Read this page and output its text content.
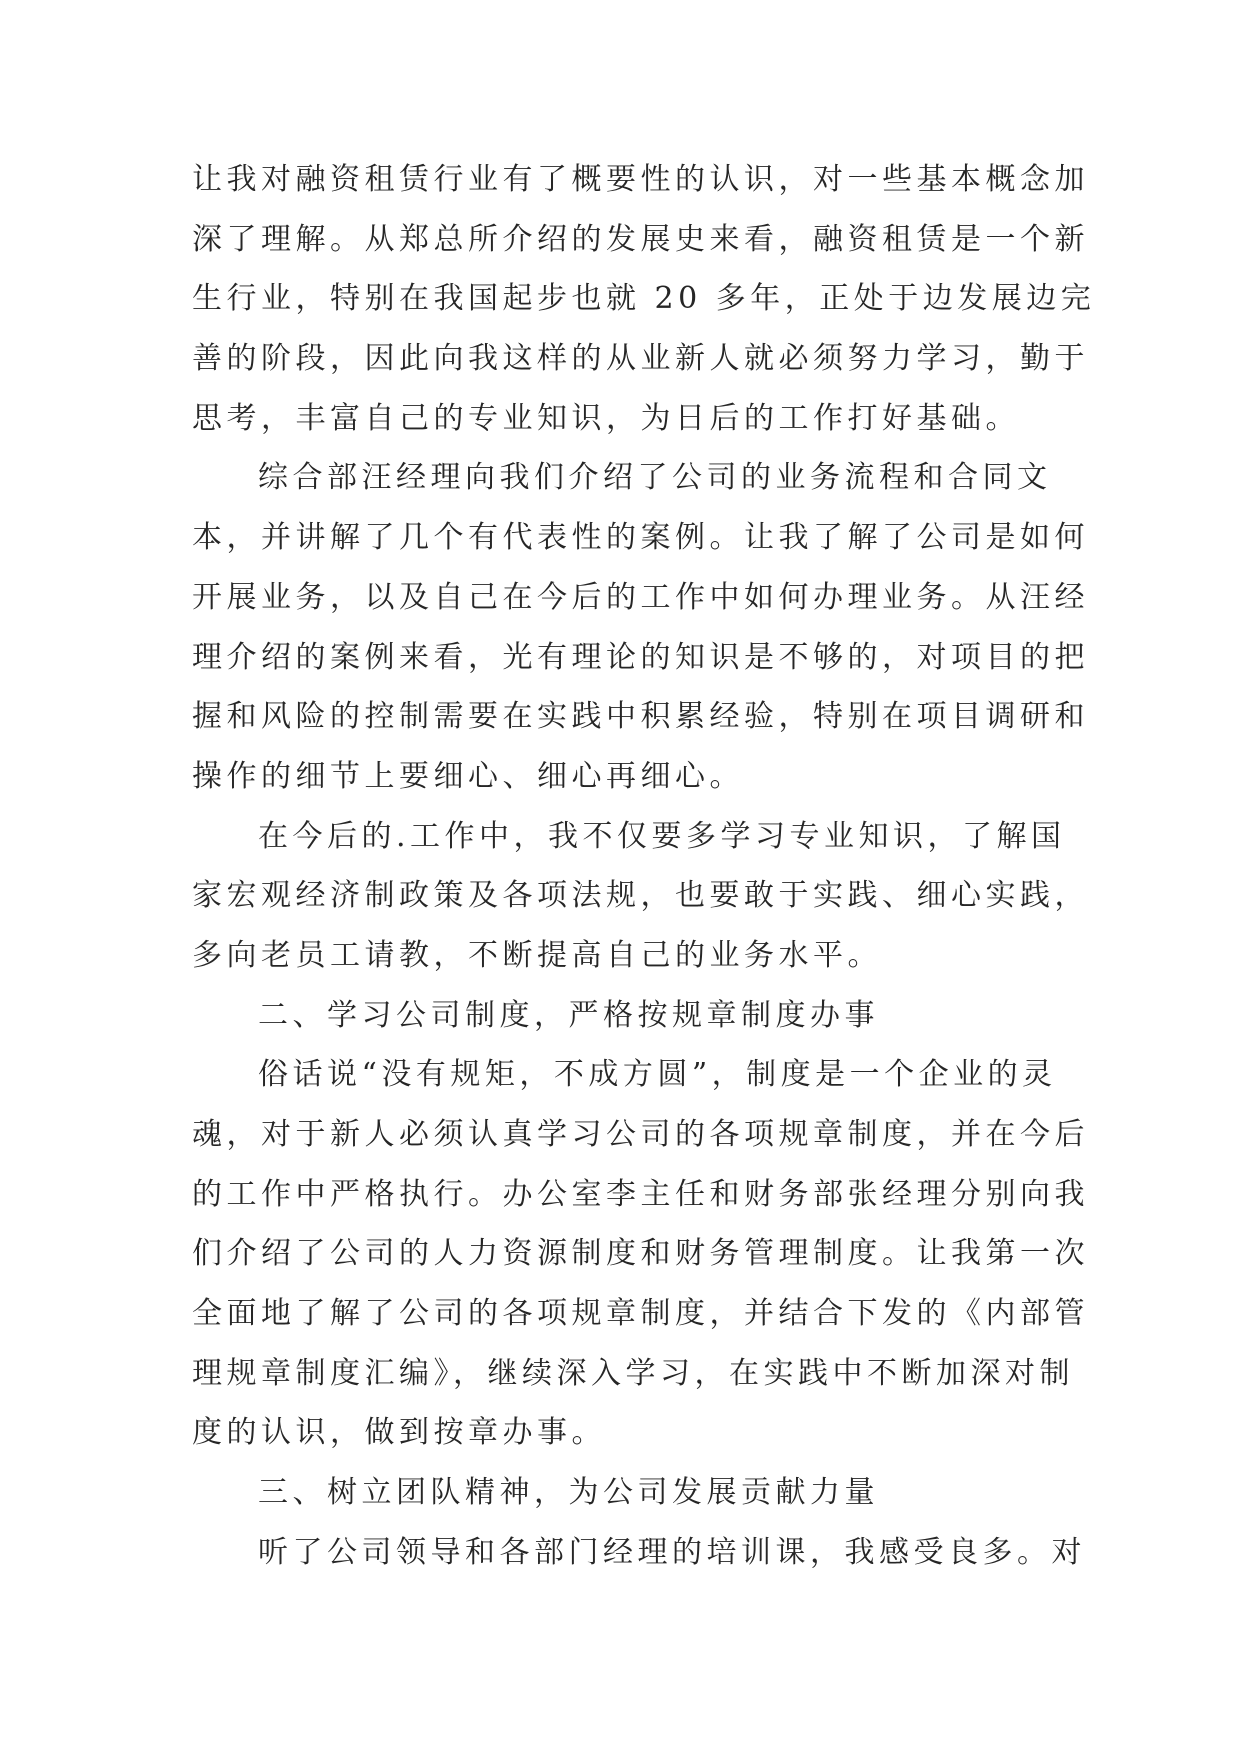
让我对融资租赁行业有了概要性的认识，对一些基本概念加
深了理解。从郑总所介绍的发展史来看，融资租赁是一个新
生行业，特别在我国起步也就 20 多年，正处于边发展边完
善的阶段，因此向我这样的从业新人就必须努力学习，勤于
思考，丰富自己的专业知识，为日后的工作打好基础。
综合部汪经理向我们介绍了公司的业务流程和合同文
本，并讲解了几个有代表性的案例。让我了解了公司是如何
开展业务，以及自己在今后的工作中如何办理业务。从汪经
理介绍的案例来看，光有理论的知识是不够的，对项目的把
握和风险的控制需要在实践中积累经验，特别在项目调研和
操作的细节上要细心、细心再细心。
在今后的.工作中，我不仅要多学习专业知识，了解国
家宏观经济制政策及各项法规，也要敢于实践、细心实践，
多向老员工请教，不断提高自己的业务水平。
二、学习公司制度，严格按规章制度办事
俗话说“没有规矩，不成方圆”，制度是一个企业的灵
魂，对于新人必须认真学习公司的各项规章制度，并在今后
的工作中严格执行。办公室李主任和财务部张经理分别向我
们介绍了公司的人力资源制度和财务管理制度。让我第一次
全面地了解了公司的各项规章制度，并结合下发的《内部管
理规章制度汇编》，继续深入学习，在实践中不断加深对制
度的认识，做到按章办事。
三、树立团队精神，为公司发展贡献力量
听了公司领导和各部门经理的培训课，我感受良多。对
